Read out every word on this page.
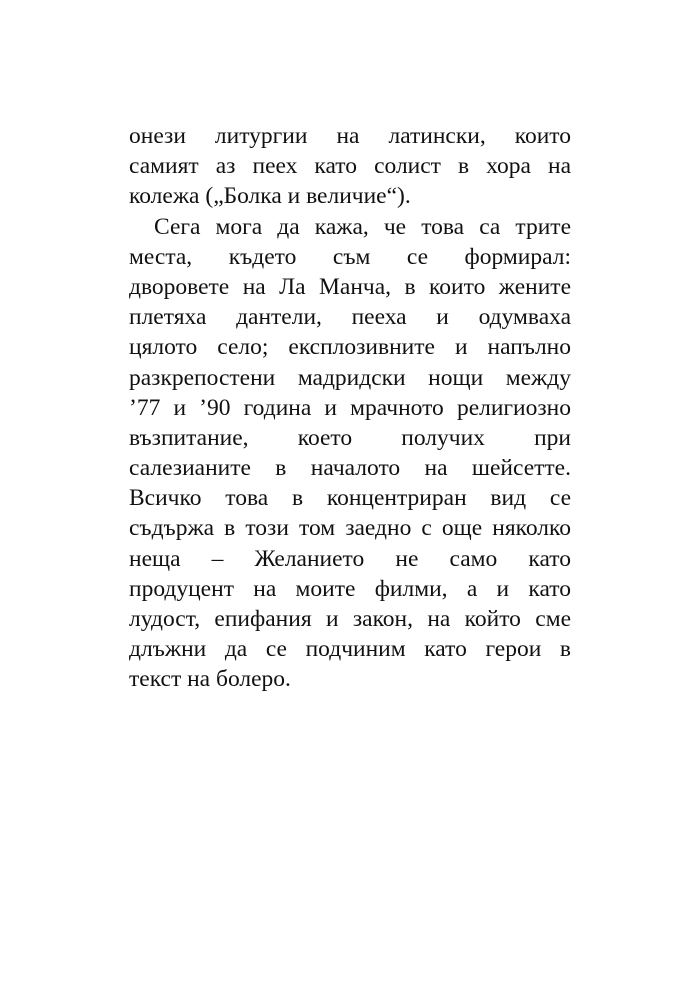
онези литургии на латински, които
самият аз пеех като солист в хора на
колежа („Болка и величие“).
Сега мога да кажа, че това са трите
места, където съм се формирал:
дворовете на Ла Манча, в които жените
плетяха дантели, пееха и одумваха
цялото село; експлозивните и напълно
разкрепостени мадридски нощи между
’77 и ’90 година и мрачното религиозно
възпитание, което получих при
салезианите в началото на шейсетте.
Всичко това в концентриран вид се
съдържа в този том заедно с още няколко
неща – Желанието не само като
продуцент на моите филми, а и като
лудост, епифания и закон, на който сме
длъжни да се подчиним като герои в
текст на болеро.
